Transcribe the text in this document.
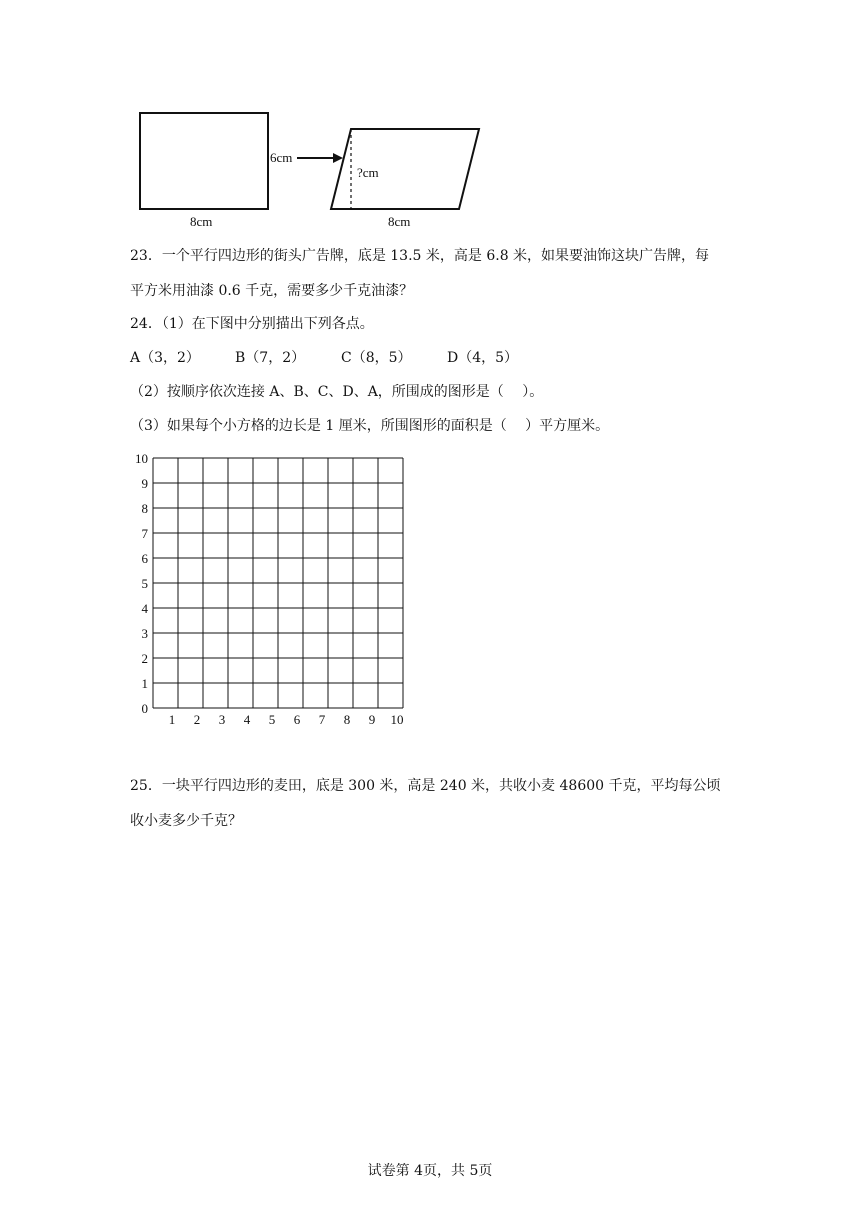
8cm
6cm
?cm
8cm
23．一个平行四边形的街头广告牌，底是 13.5 米，高是 6.8 米，如果要油饰这块广告牌，每
平方米用油漆 0.6 千克，需要多少千克油漆？
24．（1）在下图中分别描出下列各点。
A（3，2）	B（7，2）	C（8，5）	D（4，5）
（2）按顺序依次连接 A、B、C、D、A，所围成的图形是（　 ）。
（3）如果每个小方格的边长是 1 厘米，所围图形的面积是（　 ）平方厘米。
0
1
2
3
4
5
6
7
8
9
10
1 2 3 4 5 6 7 8 9 10
25．一块平行四边形的麦田，底是 300 米，高是 240 米，共收小麦 48600 千克，平均每公顷
收小麦多少千克？
试卷第 4页，共 5页
